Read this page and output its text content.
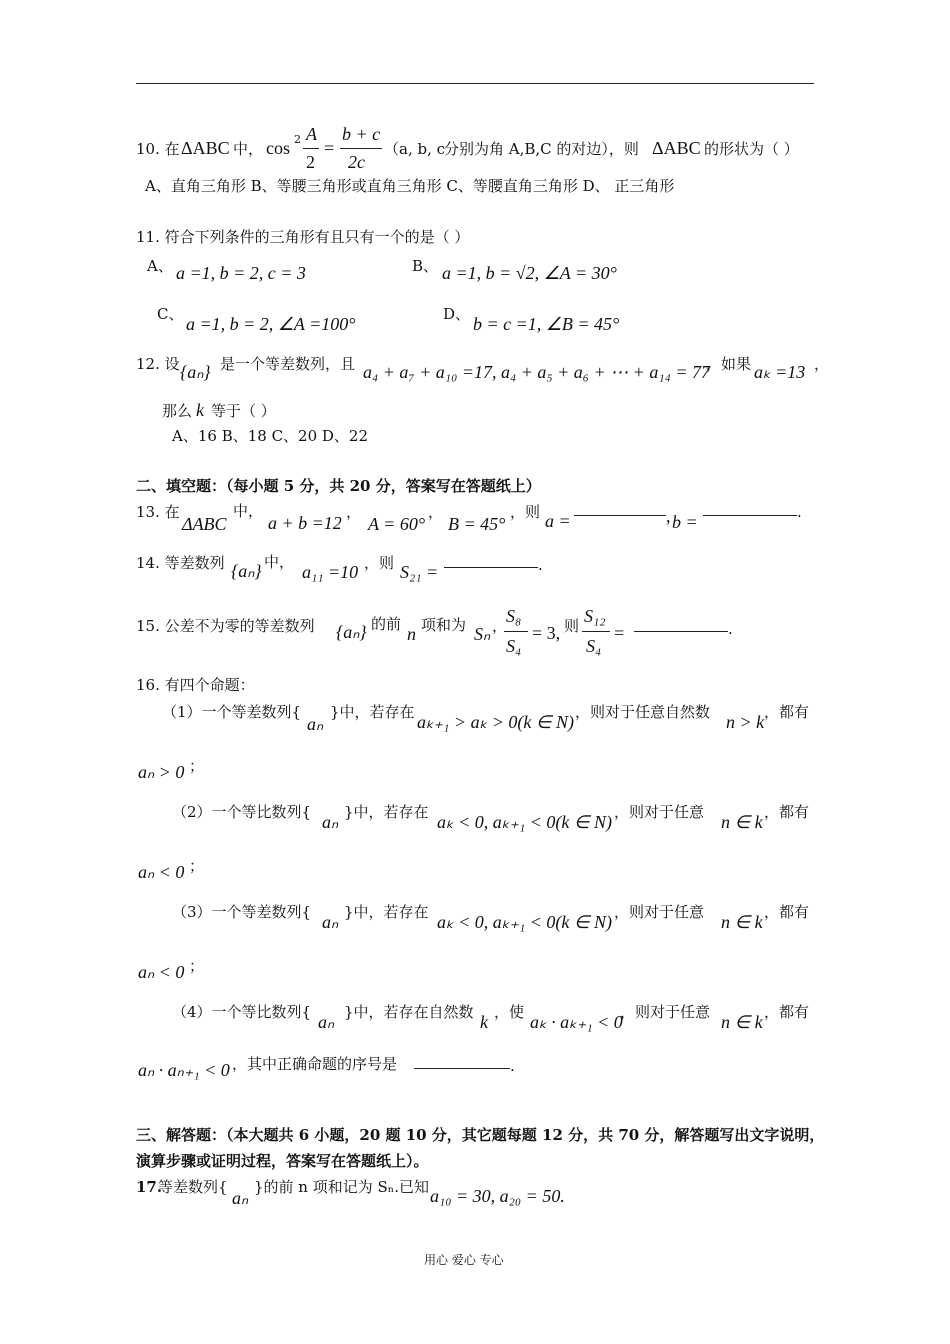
10. 在 ΔABC 中， cos 2 A
2
=
b + c
2c
（a, b, c
分别为角 A,B,C 的对边），则 ΔABC 的形状为（ ）
A、直角三角形 B、等腰三角形或直角三角形 C、等腰直角三角形 D、 正三角形
11. 符合下列条件的三角形有且只有一个的是（ ）
A、 a =1, b = 2, c = 3	B、 a =1, b = √2, ∠A = 30°
C、 a =1, b = 2, ∠A =100°	D、 b = c =1, ∠B = 45°
12. 设 {aₙ} 是一个等差数列，且 a₄ + a₇ + a₁₀ =17, a₄ + a₅ + a₆ + ⋯ + a₁₄ = 77
，如果 aₖ =13 ，
那么 k 等于（ ）
A、16 B、18 C、20 D、22
二、填空题：（每小题 5 分，共 20 分，答案写在答题纸上）
13. 在
ΔABC
中，
a + b =12
，
A = 60°
，
B = 45°
，则 a =	, b =	.
14. 等差数列 {aₙ} 中， a₁₁ =10 ，则 S₂₁ =	.
15. 公差不为零的等差数列 {aₙ} 的前 n 项和为 Sₙ ，
S₈
S₄
= 3, 则 S₁₂
S₄
=	.
16. 有四个命题：
（1）一个等差数列{
aₙ
}中，若存在 aₖ₊₁ > aₖ > 0(k ∈ N) ，则对于任意自然数 n > k ，都有
aₙ > 0 ；
（2）一个等比数列{ aₙ }中，若存在 aₖ < 0, aₖ₊₁ < 0(k ∈ N) ，则对于任意 n ∈ k ，都有
aₙ < 0 ；
（3）一个等差数列{ aₙ }中，若存在 aₖ < 0, aₖ₊₁ < 0(k ∈ N) ，则对于任意 n ∈ k ，都有
aₙ < 0 ；
（4）一个等比数列{ aₙ }中，若存在自然数 k ，使 aₖ · aₖ₊₁ < 0
，则对于任意 n ∈ k ，都有
aₙ · aₙ₊₁ < 0 ，其中正确命题的序号是	.
三、解答题：（本大题共 6 小题，20 题 10 分，其它题每题 12 分，共 70 分，解答题写出文字说明，
演算步骤或证明过程，答案写在答题纸上）。
17.
等差数列{
aₙ
}的前 n 项和记为 Sₙ.已知 a₁₀ = 30, a₂₀ = 50.
用心 爱心 专心
